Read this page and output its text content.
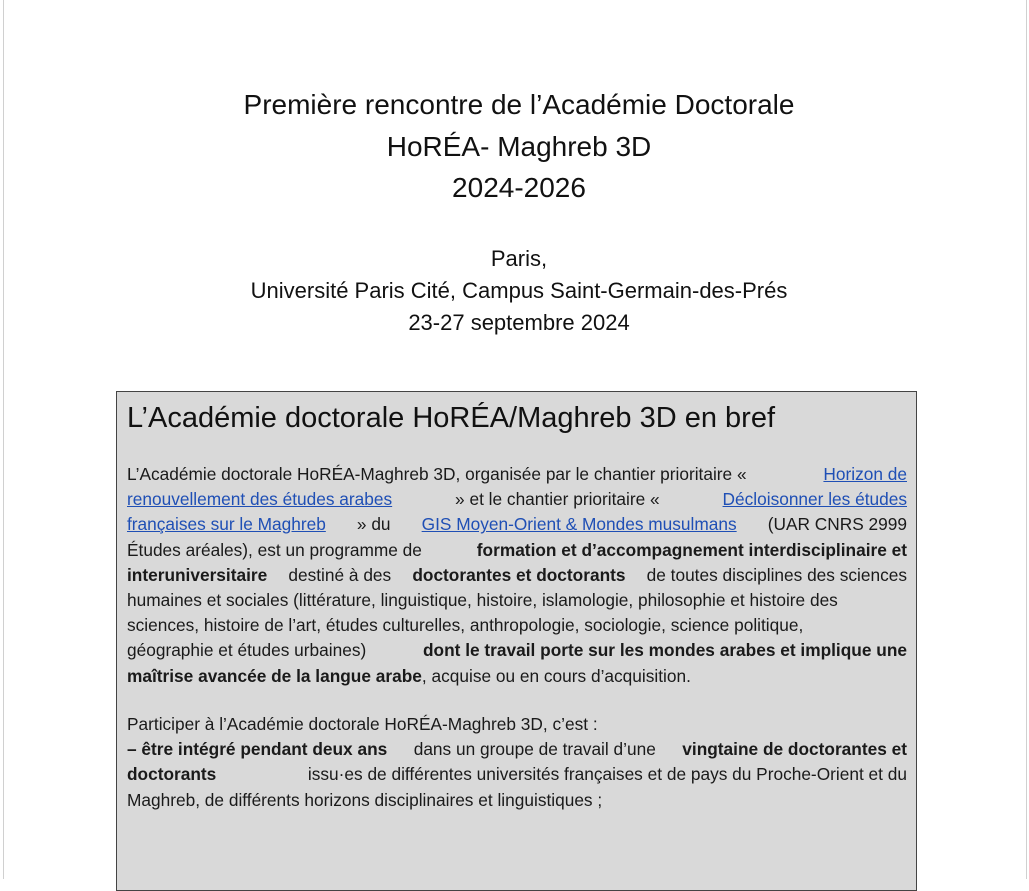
Première rencontre de l’Académie Doctorale
HoRÉA- Maghreb 3D
2024-2026
Paris,
Université Paris Cité, Campus Saint-Germain-des-Prés
23-27 septembre 2024
L’Académie doctorale HoRÉA/Maghreb 3D en bref
L’Académie doctorale HoRÉA-Maghreb 3D, organisée par le chantier prioritaire «	Horizon de
renouvellement des études arabes	» et le chantier prioritaire «	Décloisonner les études
françaises sur le Maghreb » du GIS Moyen-Orient & Mondes musulmans (UAR CNRS 2999
Études aréales), est un programme de	formation et d’accompagnement interdisciplinaire et
interuniversitaire destiné à des doctorantes et doctorants de toutes disciplines des sciences
humaines et sociales (littérature, linguistique, histoire, islamologie, philosophie et histoire des
sciences, histoire de l’art, études culturelles, anthropologie, sociologie, science politique,
géographie et études urbaines)	dont le travail porte sur les mondes arabes et implique une
maîtrise avancée de la langue arabe , acquise ou en cours d’acquisition.
Participer à l’Académie doctorale HoRÉA-Maghreb 3D, c’est :
– être intégré pendant deux ans dans un groupe de travail d’une vingtaine de doctorantes et
doctorants	issu·es de différentes universités françaises et de pays du Proche-Orient et du
Maghreb, de différents horizons disciplinaires et linguistiques ;
